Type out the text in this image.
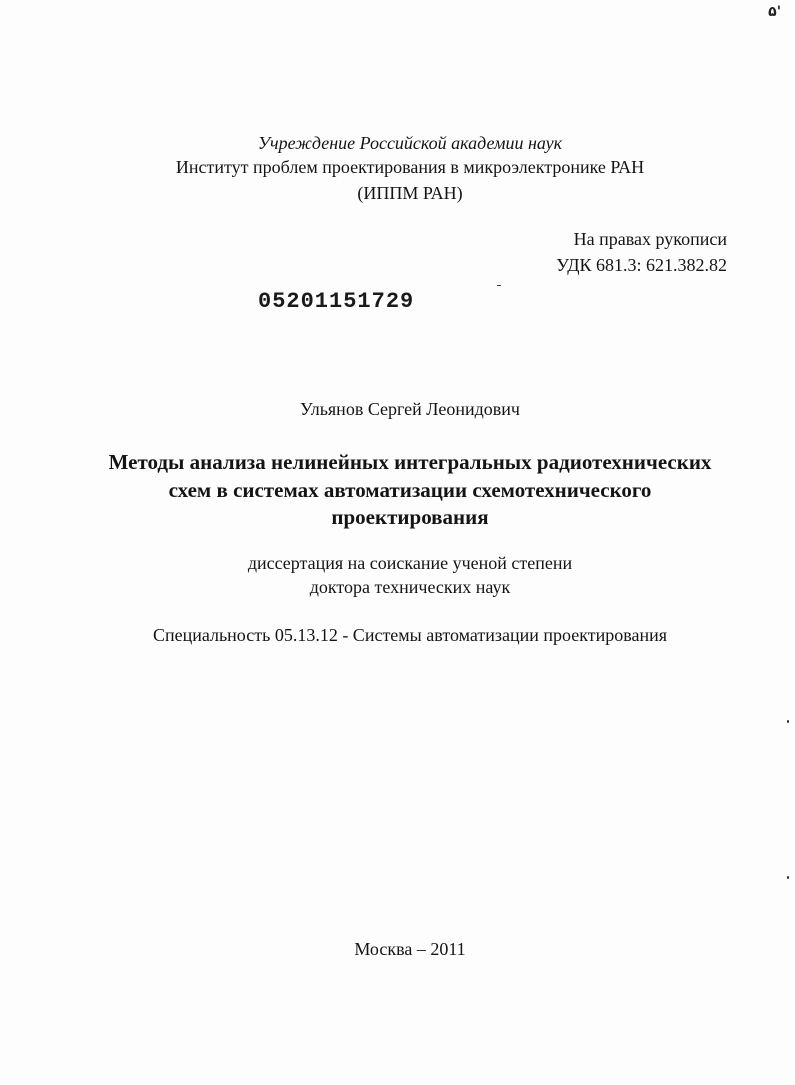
۵'
Учреждение Российской академии наук
Институт проблем проектирования в микроэлектронике РАН
(ИППМ РАН)
На правах рукописи
УДК 681.3: 621.382.82
05201151729
Ульянов Сергей Леонидович
Методы анализа нелинейных интегральных радиотехнических
схем в системах автоматизации схемотехнического
проектирования
диссертация на соискание ученой степени
доктора технических наук
Специальность 05.13.12 - Системы автоматизации проектирования
Москва – 2011
